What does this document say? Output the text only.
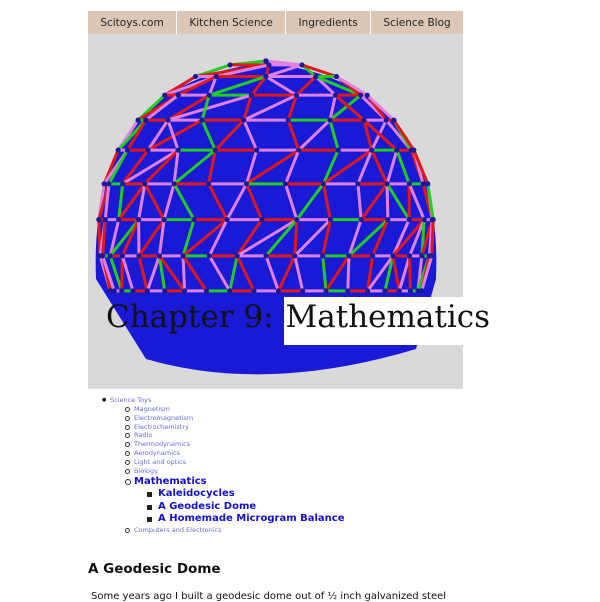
Scitoys.com	Kitchen Science	Ingredients	Science Blog
Chapter 9: Mathematics
● Science Toys
Magnetism
Electromagnetism
Electrochemistry
Radio
Thermodynamics
Aerodynamics
Light and optics
Biology
Mathematics
Kaleidocycles
A Geodesic Dome
A Homemade Microgram Balance
Computers and Electronics
A Geodesic Dome

Some years ago I built a geodesic dome out of ½ inch galvanized steel
